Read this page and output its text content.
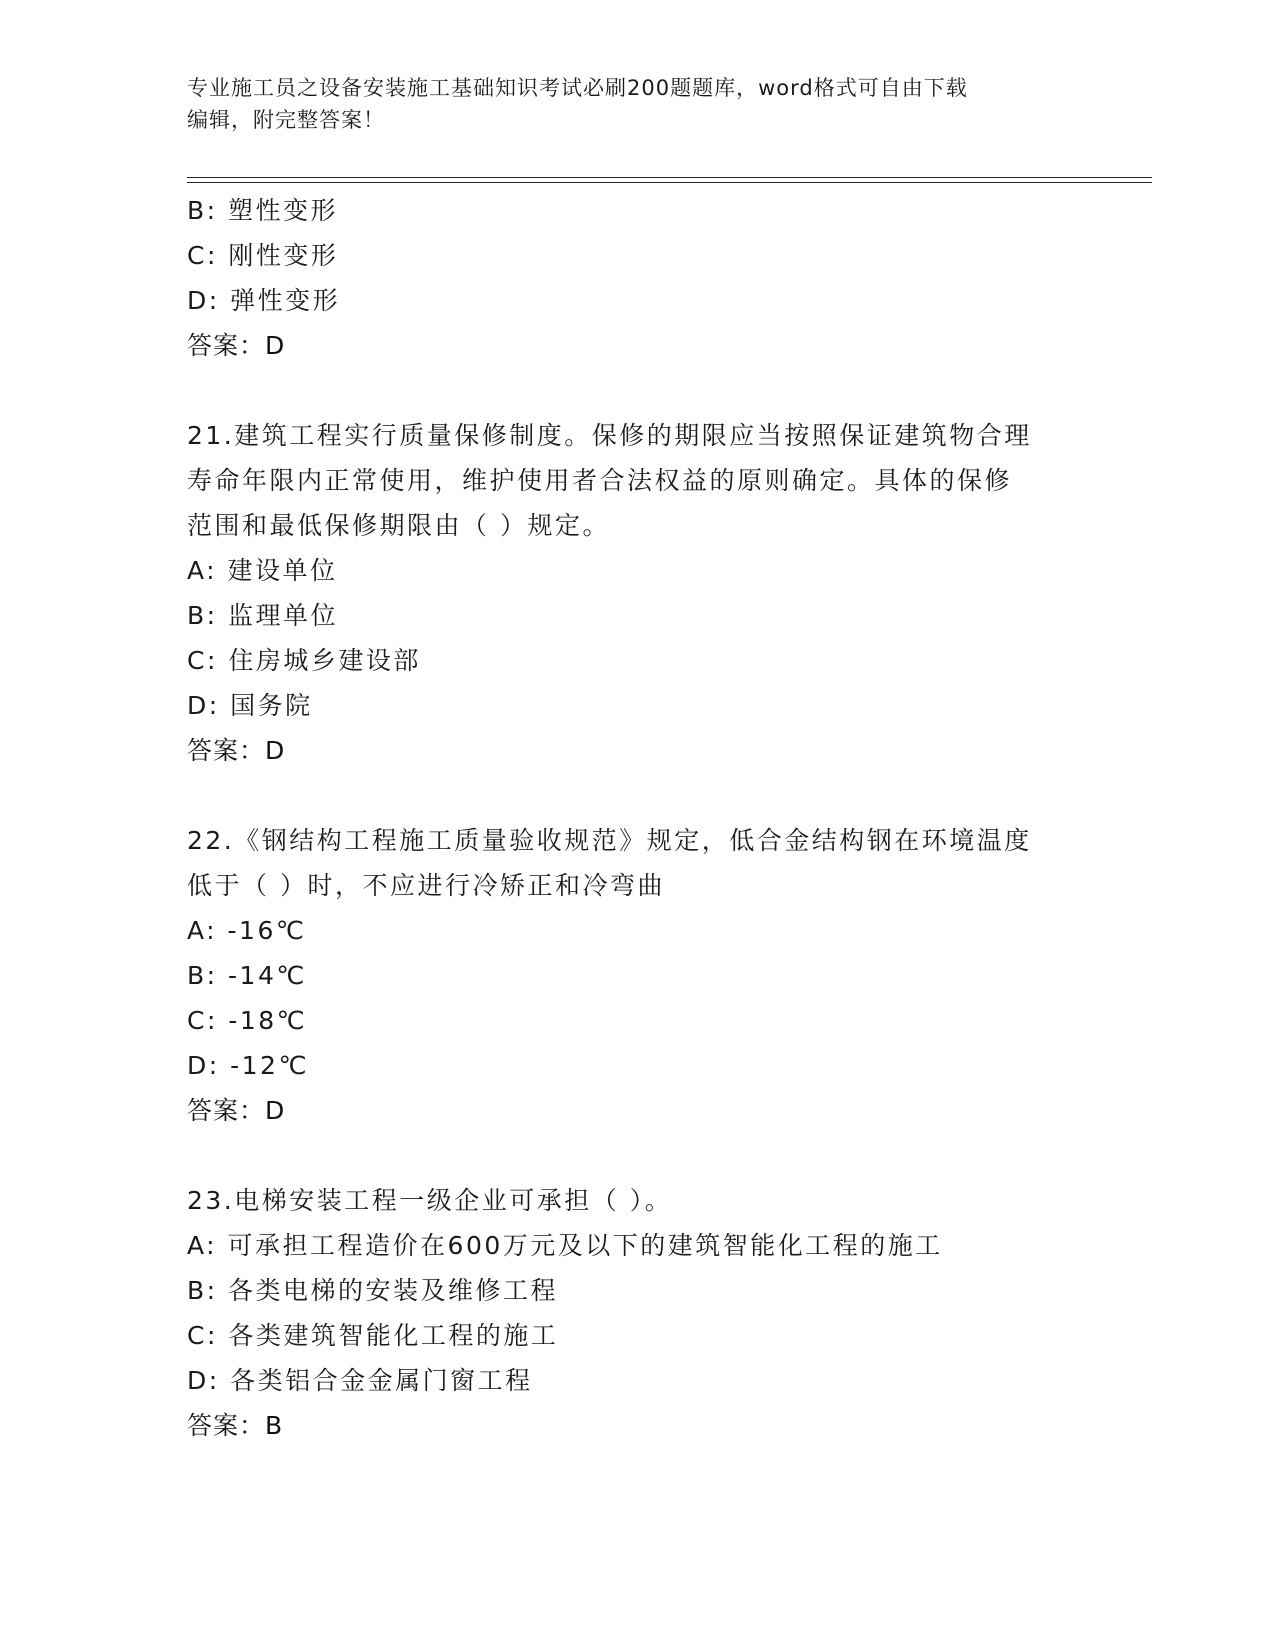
专业施工员之设备安装施工基础知识考试必刷200题题库，word格式可自由下载
编辑，附完整答案！
B: 塑性变形
C: 刚性变形
D: 弹性变形
答案：D
21.建筑工程实行质量保修制度。保修的期限应当按照保证建筑物合理
寿命年限内正常使用，维护使用者合法权益的原则确定。具体的保修
范围和最低保修期限由（ ）规定。
A: 建设单位
B: 监理单位
C: 住房城乡建设部
D: 国务院
答案：D
22.《钢结构工程施工质量验收规范》规定，低合金结构钢在环境温度
低于（ ）时，不应进行冷矫正和冷弯曲
A: -16℃
B: -14℃
C: -18℃
D: -12℃
答案：D
23.电梯安装工程一级企业可承担（ ）。
A: 可承担工程造价在600万元及以下的建筑智能化工程的施工
B: 各类电梯的安装及维修工程
C: 各类建筑智能化工程的施工
D: 各类铝合金金属门窗工程
答案：B
